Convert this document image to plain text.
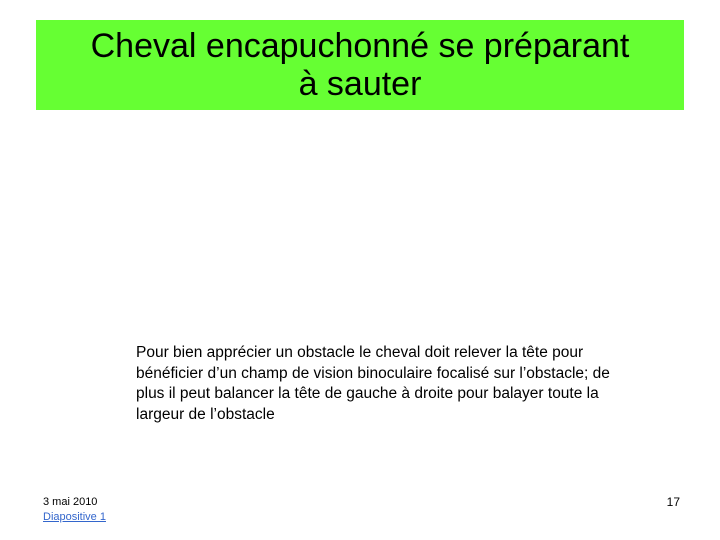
Cheval encapuchonné se préparant
à sauter

Pour bien apprécier un obstacle le cheval doit relever la tête pour bénéficier d’un champ de vision binoculaire focalisé sur l’obstacle; de plus il peut balancer la tête de gauche à droite pour balayer toute la largeur de l’obstacle

3 mai 2010
Diapositive 1
17
